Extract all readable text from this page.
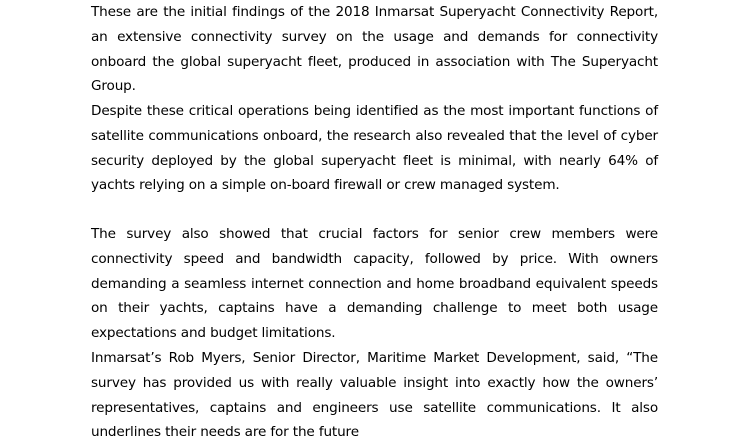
These are the initial findings of the 2018 Inmarsat Superyacht Connectivity Report, an extensive connectivity survey on the usage and demands for connectivity onboard the global superyacht fleet, produced in association with The Superyacht Group.

Despite these critical operations being identified as the most important functions of satellite communications onboard, the research also revealed that the level of cyber security deployed by the global superyacht fleet is minimal, with nearly 64% of yachts relying on a simple on-board firewall or crew managed system.

The survey also showed that crucial factors for senior crew members were connectivity speed and bandwidth capacity, followed by price. With owners demanding a seamless internet connection and home broadband equivalent speeds on their yachts, captains have a demanding challenge to meet both usage expectations and budget limitations.

Inmarsat’s Rob Myers, Senior Director, Maritime Market Development, said, “The survey has provided us with really valuable insight into exactly how the owners’ representatives, captains and engineers use satellite communications. It also underlines their needs are for the future
